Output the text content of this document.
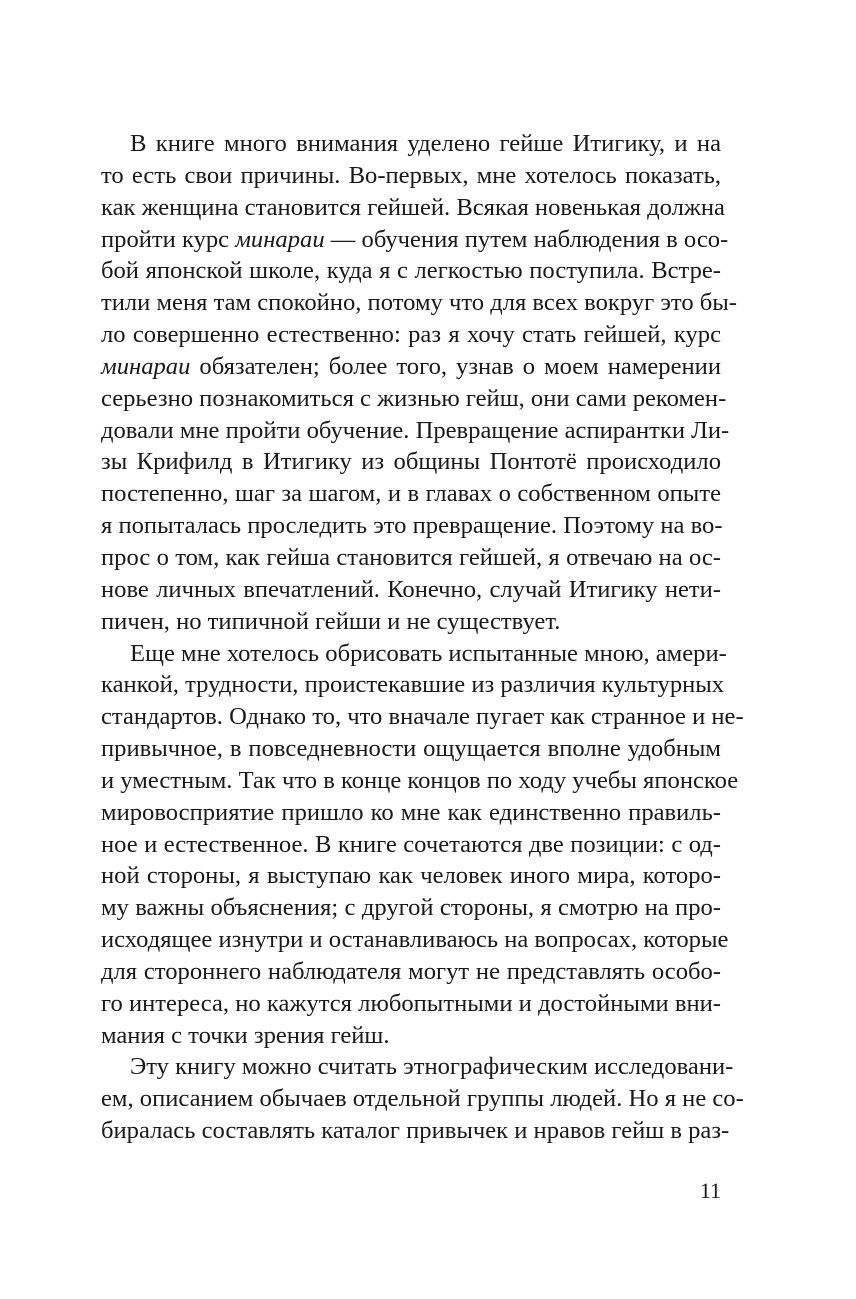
В книге много внимания уделено гейше Итигику, и на
то есть свои причины. Во-первых, мне хотелось показать,
как женщина становится гейшей. Всякая новенькая должна
пройти курс минараи — обучения путем наблюдения в осо-
бой японской школе, куда я с легкостью поступила. Встре-
тили меня там спокойно, потому что для всех вокруг это бы-
ло совершенно естественно: раз я хочу стать гейшей, курс
минараи обязателен; более того, узнав о моем намерении
серьезно познакомиться с жизнью гейш, они сами рекомен-
довали мне пройти обучение. Превращение аспирантки Ли-
зы Крифилд в Итигику из общины Понтотё происходило
постепенно, шаг за шагом, и в главах о собственном опыте
я попыталась проследить это превращение. Поэтому на во-
прос о том, как гейша становится гейшей, я отвечаю на ос-
нове личных впечатлений. Конечно, случай Итигику нети-
пичен, но типичной гейши и не существует.
Еще мне хотелось обрисовать испытанные мною, амери-
канкой, трудности, проистекавшие из различия культурных
стандартов. Однако то, что вначале пугает как странное и не-
привычное, в повседневности ощущается вполне удобным
и уместным. Так что в конце концов по ходу учебы японское
мировосприятие пришло ко мне как единственно правиль-
ное и естественное. В книге сочетаются две позиции: с од-
ной стороны, я выступаю как человек иного мира, которо-
му важны объяснения; с другой стороны, я смотрю на про-
исходящее изнутри и останавливаюсь на вопросах, которые
для стороннего наблюдателя могут не представлять особо-
го интереса, но кажутся любопытными и достойными вни-
мания с точки зрения гейш.
Эту книгу можно считать этнографическим исследовани-
ем, описанием обычаев отдельной группы людей. Но я не со-
биралась составлять каталог привычек и нравов гейш в раз-
11
